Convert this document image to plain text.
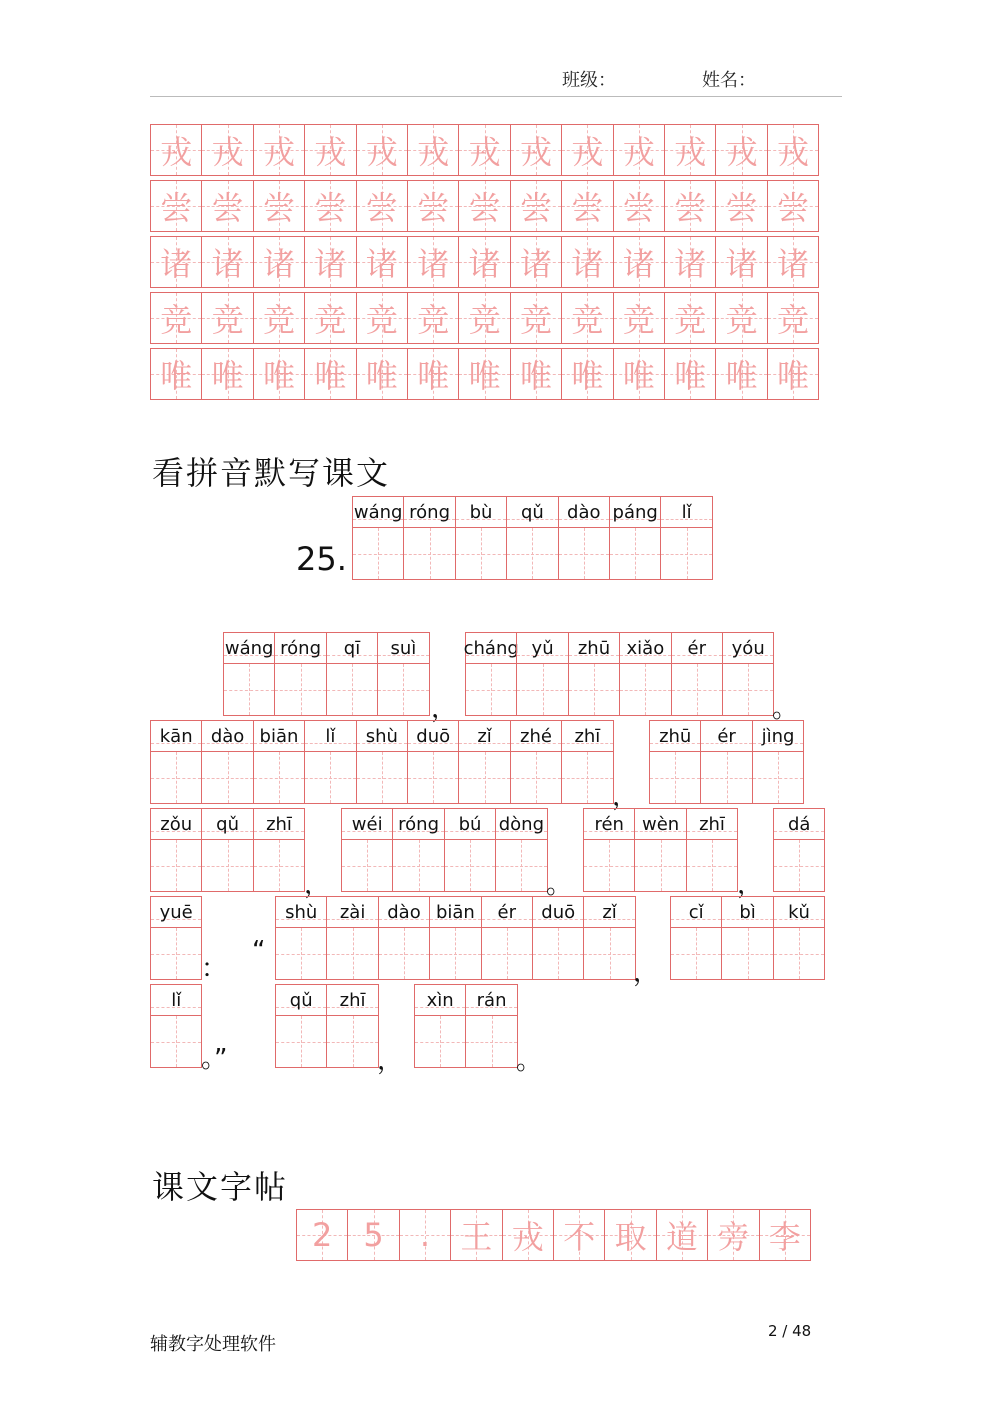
班级：	姓名：
戎 戎 戎 戎 戎 戎 戎 戎 戎 戎 戎 戎 戎
尝 尝 尝 尝 尝 尝 尝 尝 尝 尝 尝 尝 尝
诸 诸 诸 诸 诸 诸 诸 诸 诸 诸 诸 诸 诸
竞 竞 竞 竞 竞 竞 竞 竞 竞 竞 竞 竞 竞
唯 唯 唯 唯 唯 唯 唯 唯 唯 唯 唯 唯 唯
看拼音默写课文
25.
wáng róng	bù	qǔ	dào páng	lǐ
wáng róng	qī	suì
，
cháng yǔ	zhū xiǎo	ér	yóu
。
kān	dào biān	lǐ	shù	duō	zǐ	zhé	zhī
，
zhū	ér	jìng
zǒu	qǔ	zhī
，
wéi róng	bú dòng
。
rén	wèn	zhī
，
dá
yuē
：
shù	zài	dào biān	ér	duō	zǐ
，
“
cǐ	bì	kǔ
lǐ
。”
qǔ	zhī
，
xìn	rán
。
课文字帖
2 5	. 王 戎 不 取 道 旁 李
辅教字处理软件
2 / 48
